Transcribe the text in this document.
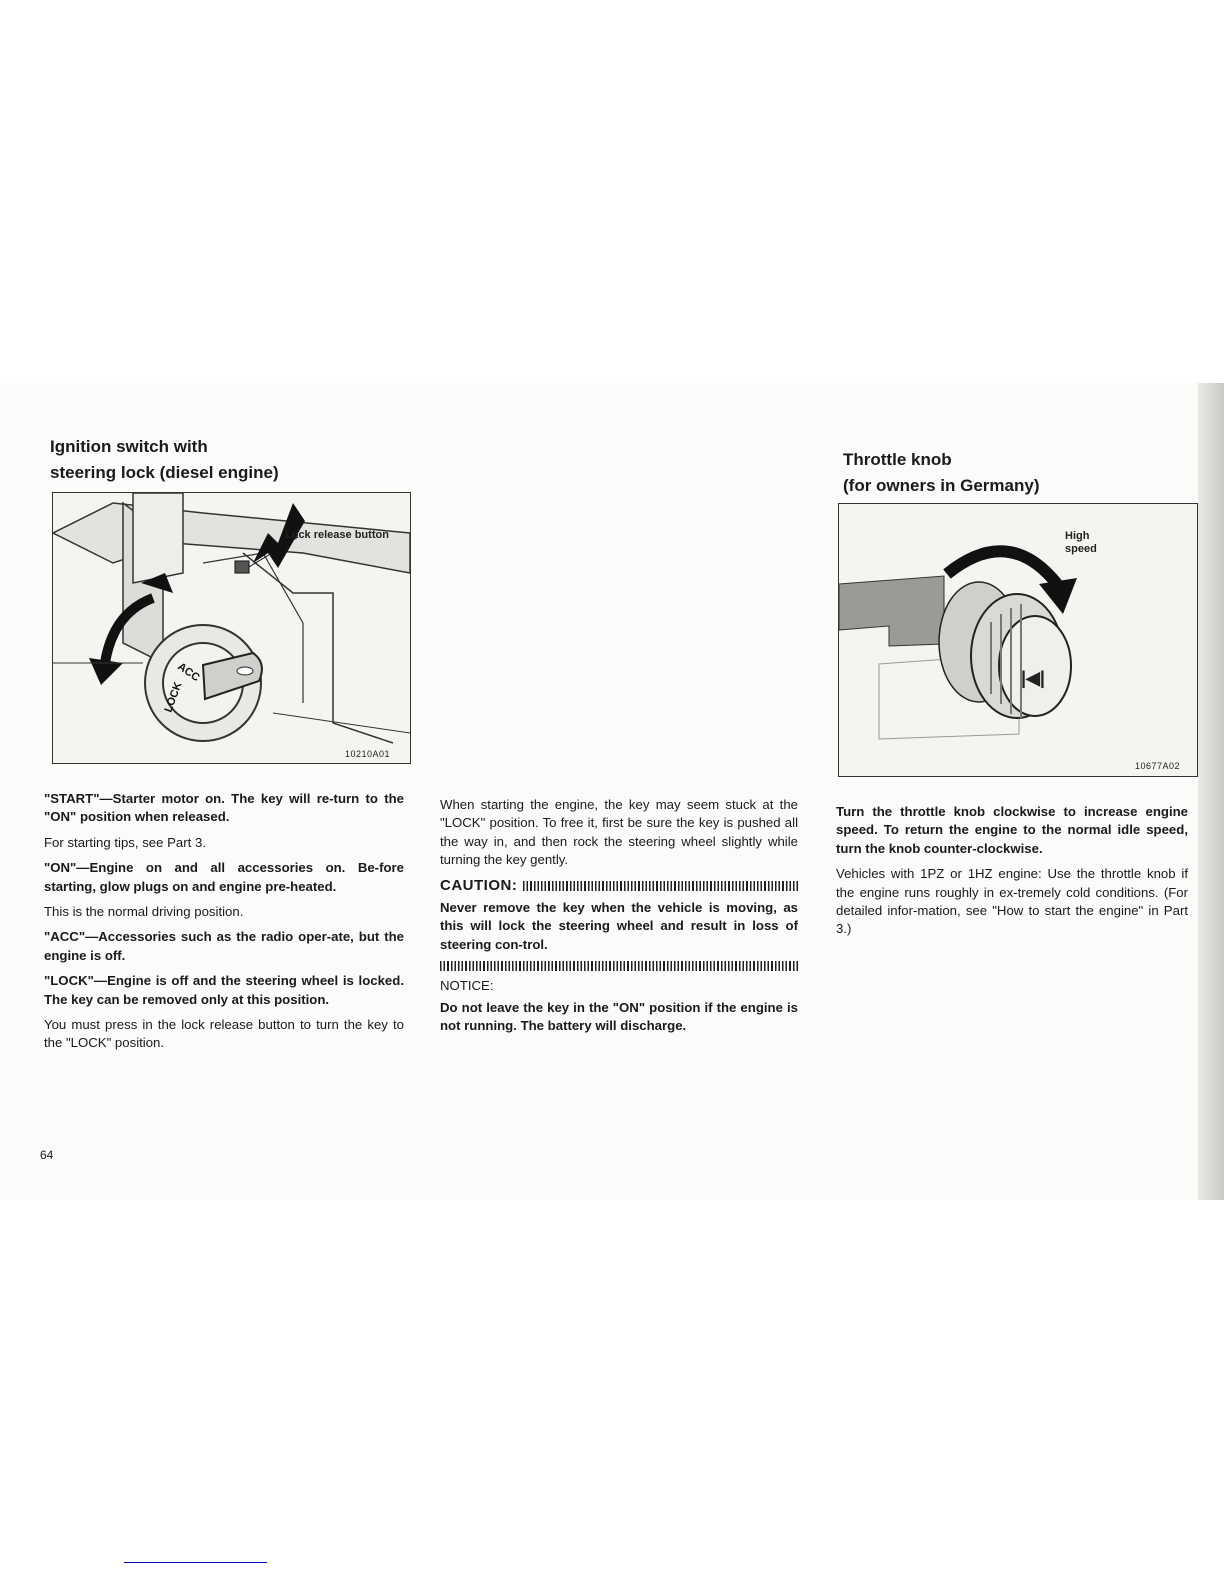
Ignition switch with
steering lock (diesel engine)
ACC
LOCK
Lock release button
10210A01

"START"—Starter motor on. The key will re-turn to the "ON" position when released.

For starting tips, see Part 3.

"ON"—Engine on and all accessories on. Be-fore starting, glow plugs on and engine pre-heated.

This is the normal driving position.

"ACC"—Accessories such as the radio oper-ate, but the engine is off.

"LOCK"—Engine is off and the steering wheel is locked. The key can be removed only at this position.

You must press in the lock release button to turn the key to the "LOCK" position.

When starting the engine, the key may seem stuck at the "LOCK" position. To free it, first be sure the key is pushed all the way in, and then rock the steering wheel slightly while turning the key gently.

CAUTION:

Never remove the key when the vehicle is moving, as this will lock the steering wheel and result in loss of steering con-trol.

NOTICE:

Do not leave the key in the "ON" position if the engine is not running. The battery will discharge.

Throttle knob
(for owners in Germany)
|◀|
High
speed
10677A02

Turn the throttle knob clockwise to increase engine speed. To return the engine to the normal idle speed, turn the knob counter-clockwise.

Vehicles with 1PZ or 1HZ engine: Use the throttle knob if the engine runs roughly in ex-tremely cold conditions. (For detailed infor-mation, see "How to start the engine" in Part 3.)

64
